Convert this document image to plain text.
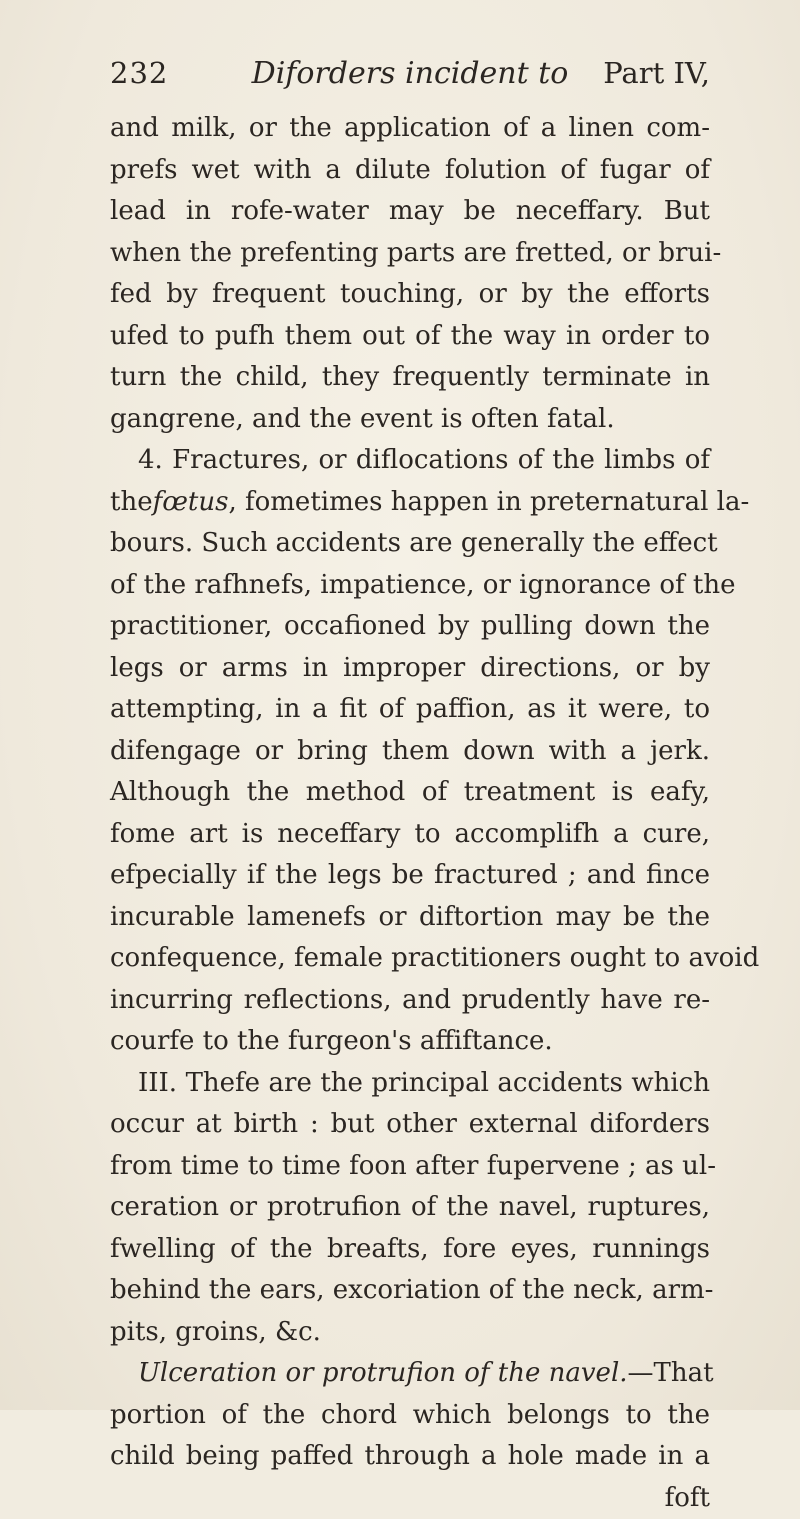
232	Diforders incident to	Part IV,
and milk, or the application of a linen com-
prefs wet with a dilute folution of fugar of
lead in rofe-water may be neceffary. But
when the prefenting parts are fretted, or brui-
fed by frequent touching, or by the efforts
ufed to pufh them out of the way in order to
turn the child, they frequently terminate in
gangrene, and the event is often fatal.
4. Fractures, or diflocations of the limbs of
thefœtus, fometimes happen in preternatural la-
bours. Such accidents are generally the effect
of the rafhnefs, impatience, or ignorance of the
practitioner, occafioned by pulling down the
legs or arms in improper directions, or by
attempting, in a fit of paffion, as it were, to
difengage or bring them down with a jerk.
Although the method of treatment is eafy,
fome art is neceffary to accomplifh a cure,
efpecially if the legs be fractured ; and fince
incurable lamenefs or diftortion may be the
confequence, female practitioners ought to avoid
incurring reflections, and prudently have re-
courfe to the furgeon's affiftance.
III. Thefe are the principal accidents which
occur at birth : but other external diforders
from time to time foon after fupervene ; as ul-
ceration or protrufion of the navel, ruptures,
fwelling of the breafts, fore eyes, runnings
behind the ears, excoriation of the neck, arm-
pits, groins, &c.
Ulceration or protrufion of the navel.—That
portion of the chord which belongs to the
child being paffed through a hole made in a
foft
